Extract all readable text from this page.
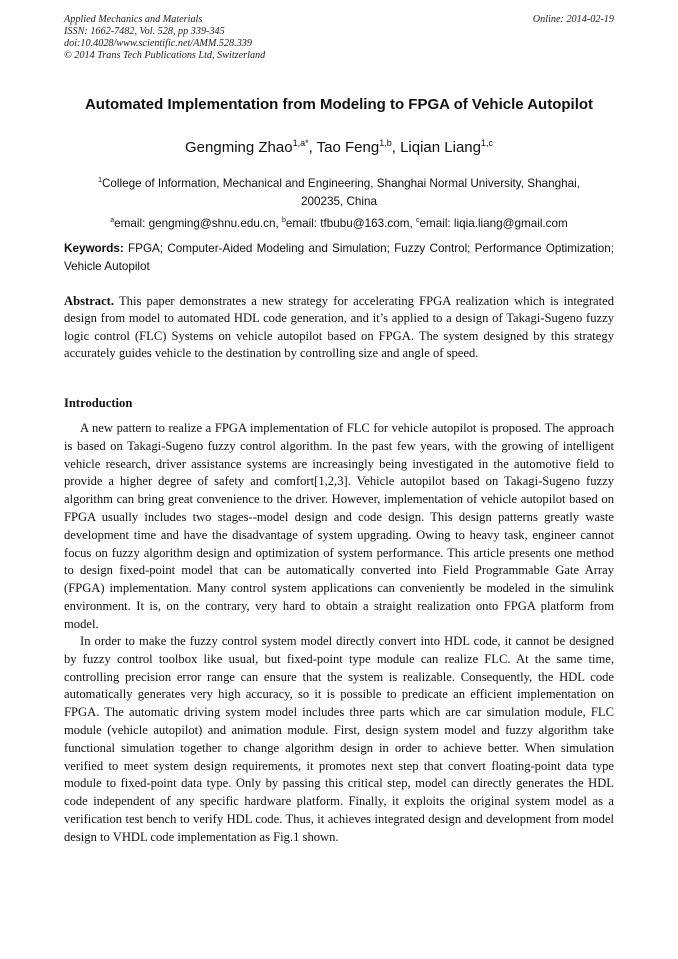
Applied Mechanics and Materials
ISSN: 1662-7482, Vol. 528, pp 339-345
doi:10.4028/www.scientific.net/AMM.528.339
© 2014 Trans Tech Publications Ltd, Switzerland
Online: 2014-02-19
Automated Implementation from Modeling to FPGA of Vehicle Autopilot
Gengming Zhao$^{1,a*}$, Tao Feng$^{1,b}$, Liqian Liang$^{1,c}$
$^1$College of Information, Mechanical and Engineering, Shanghai Normal University, Shanghai, 200235, China
$^a$email: gengming@shnu.edu.cn, $^b$email: tfbubu@163.com, $^c$email: liqia.liang@gmail.com
Keywords: FPGA; Computer-Aided Modeling and Simulation; Fuzzy Control; Performance Optimization; Vehicle Autopilot
Abstract. This paper demonstrates a new strategy for accelerating FPGA realization which is integrated design from model to automated HDL code generation, and it’s applied to a design of Takagi-Sugeno fuzzy logic control (FLC) Systems on vehicle autopilot based on FPGA. The system designed by this strategy accurately guides vehicle to the destination by controlling size and angle of speed.
Introduction
A new pattern to realize a FPGA implementation of FLC for vehicle autopilot is proposed. The approach is based on Takagi-Sugeno fuzzy control algorithm. In the past few years, with the growing of intelligent vehicle research, driver assistance systems are increasingly being investigated in the automotive field to provide a higher degree of safety and comfort[1,2,3]. Vehicle autopilot based on Takagi-Sugeno fuzzy algorithm can bring great convenience to the driver. However, implementation of vehicle autopilot based on FPGA usually includes two stages--model design and code design. This design patterns greatly waste development time and have the disadvantage of system upgrading. Owing to heavy task, engineer cannot focus on fuzzy algorithm design and optimization of system performance. This article presents one method to design fixed-point model that can be automatically converted into Field Programmable Gate Array (FPGA) implementation. Many control system applications can conveniently be modeled in the simulink environment. It is, on the contrary, very hard to obtain a straight realization onto FPGA platform from model.
In order to make the fuzzy control system model directly convert into HDL code, it cannot be designed by fuzzy control toolbox like usual, but fixed-point type module can realize FLC. At the same time, controlling precision error range can ensure that the system is realizable. Consequently, the HDL code automatically generates very high accuracy, so it is possible to predicate an efficient implementation on FPGA. The automatic driving system model includes three parts which are car simulation module, FLC module (vehicle autopilot) and animation module. First, design system model and fuzzy algorithm take functional simulation together to change algorithm design in order to achieve better. When simulation verified to meet system design requirements, it promotes next step that convert floating-point data type module to fixed-point data type. Only by passing this critical step, model can directly generates the HDL code independent of any specific hardware platform. Finally, it exploits the original system model as a verification test bench to verify HDL code. Thus, it achieves integrated design and development from model design to VHDL code implementation as Fig.1 shown.
